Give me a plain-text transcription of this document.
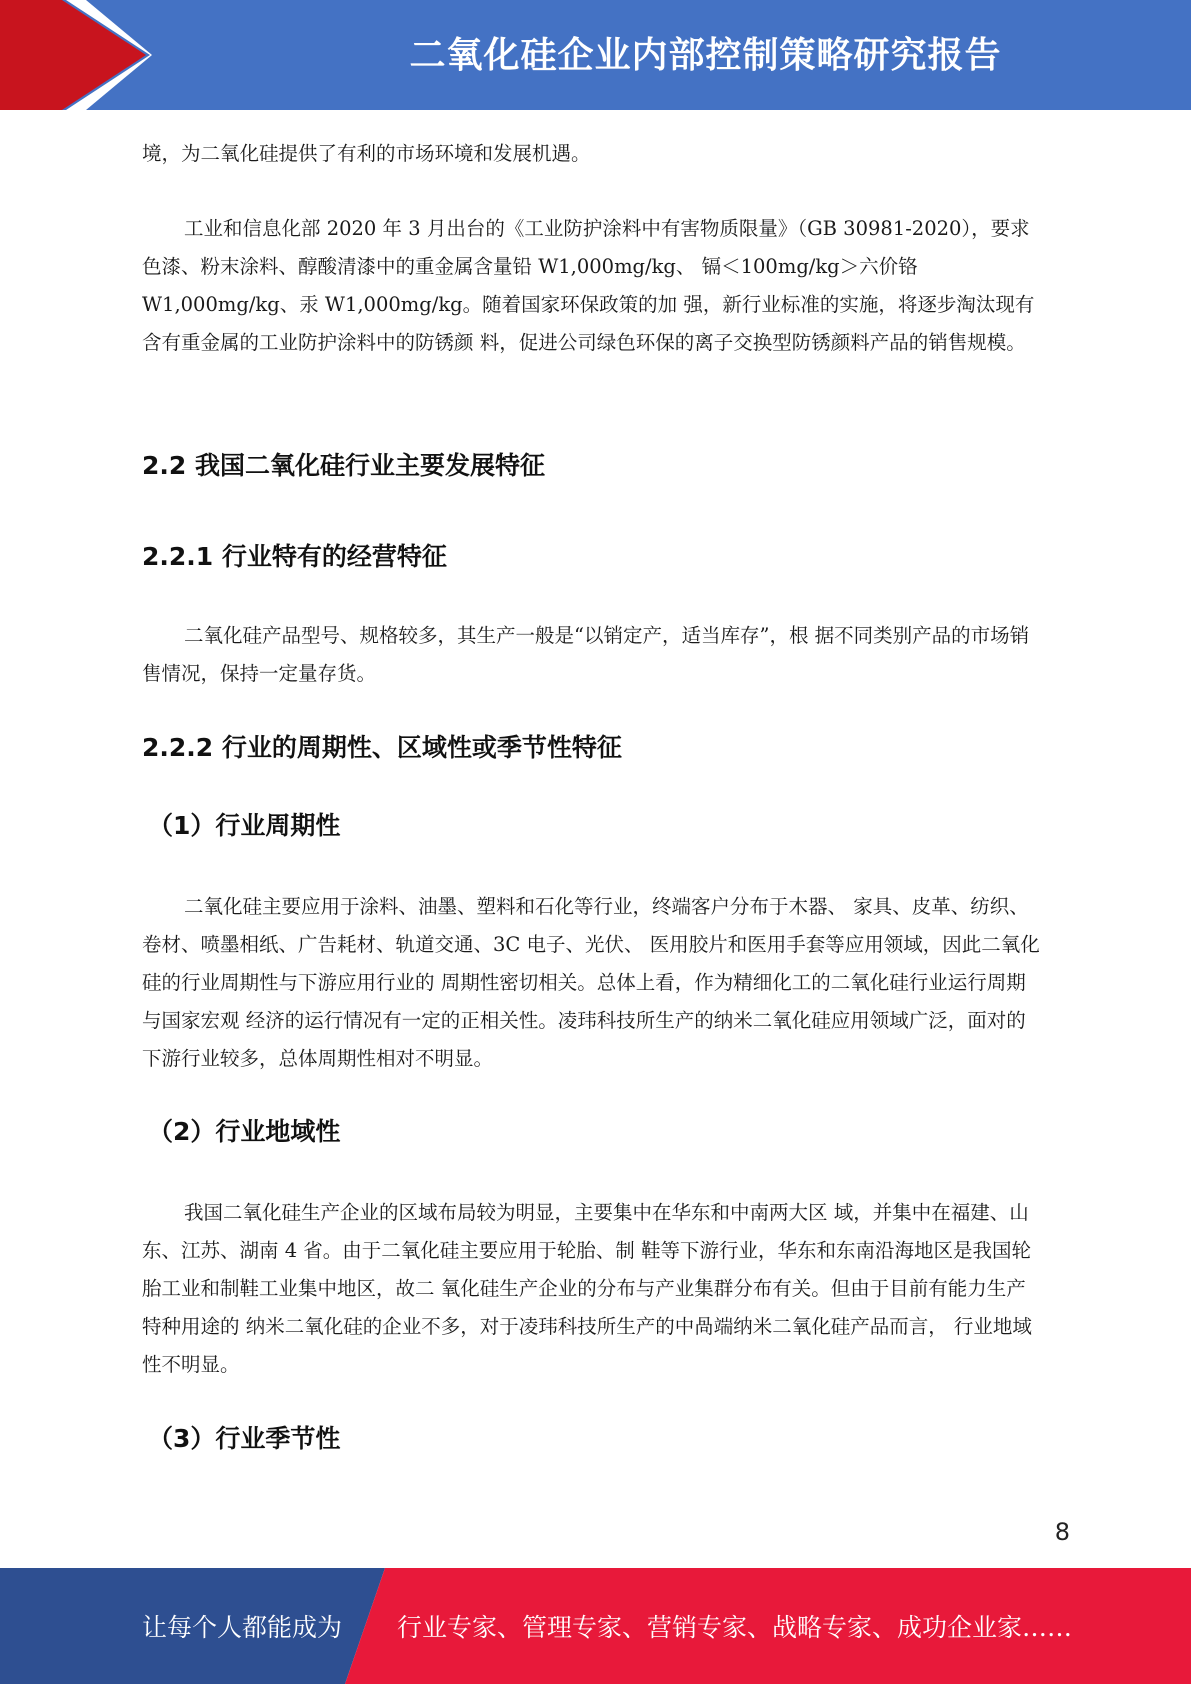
二氧化硅企业内部控制策略研究报告

境，为二氧化硅提供了有利的市场环境和发展机遇。

工业和信息化部 2020 年 3 月出台的《工业防护涂料中有害物质限量》（GB 30981-2020），要求色漆、粉末涂料、醇酸清漆中的重金属含量铅 W1,000mg/kg、 镉＜100mg/kg＞六价铬 W1,000mg/kg、汞 W1,000mg/kg。随着国家环保政策的加 强，新行业标准的实施，将逐步淘汰现有含有重金属的工业防护涂料中的防锈颜 料，促进公司绿色环保的离子交换型防锈颜料产品的销售规模。

2.2 我国二氧化硅行业主要发展特征
2.2.1 行业特有的经营特征

二氧化硅产品型号、规格较多，其生产一般是“以销定产，适当库存”，根 据不同类别产品的市场销售情况，保持一定量存货。

2.2.2 行业的周期性、区域性或季节性特征
（1）行业周期性

二氧化硅主要应用于涂料、油墨、塑料和石化等行业，终端客户分布于木器、 家具、皮革、纺织、卷材、喷墨相纸、广告耗材、轨道交通、3C 电子、光伏、 医用胶片和医用手套等应用领域，因此二氧化硅的行业周期性与下游应用行业的 周期性密切相关。总体上看，作为精细化工的二氧化硅行业运行周期与国家宏观 经济的运行情况有一定的正相关性。凌玮科技所生产的纳米二氧化硅应用领域广泛，面对的下游行业较多，总体周期性相对不明显。

（2）行业地域性

我国二氧化硅生产企业的区域布局较为明显，主要集中在华东和中南两大区 域，并集中在福建、山东、江苏、湖南 4 省。由于二氧化硅主要应用于轮胎、制 鞋等下游行业，华东和东南沿海地区是我国轮胎工业和制鞋工业集中地区，故二 氧化硅生产企业的分布与产业集群分布有关。但由于目前有能力生产特种用途的 纳米二氧化硅的企业不多，对于凌玮科技所生产的中咼端纳米二氧化硅产品而言， 行业地域性不明显。

（3）行业季节性
8
让每个人都能成为 行业专家、管理专家、营销专家、战略专家、成功企业家……
